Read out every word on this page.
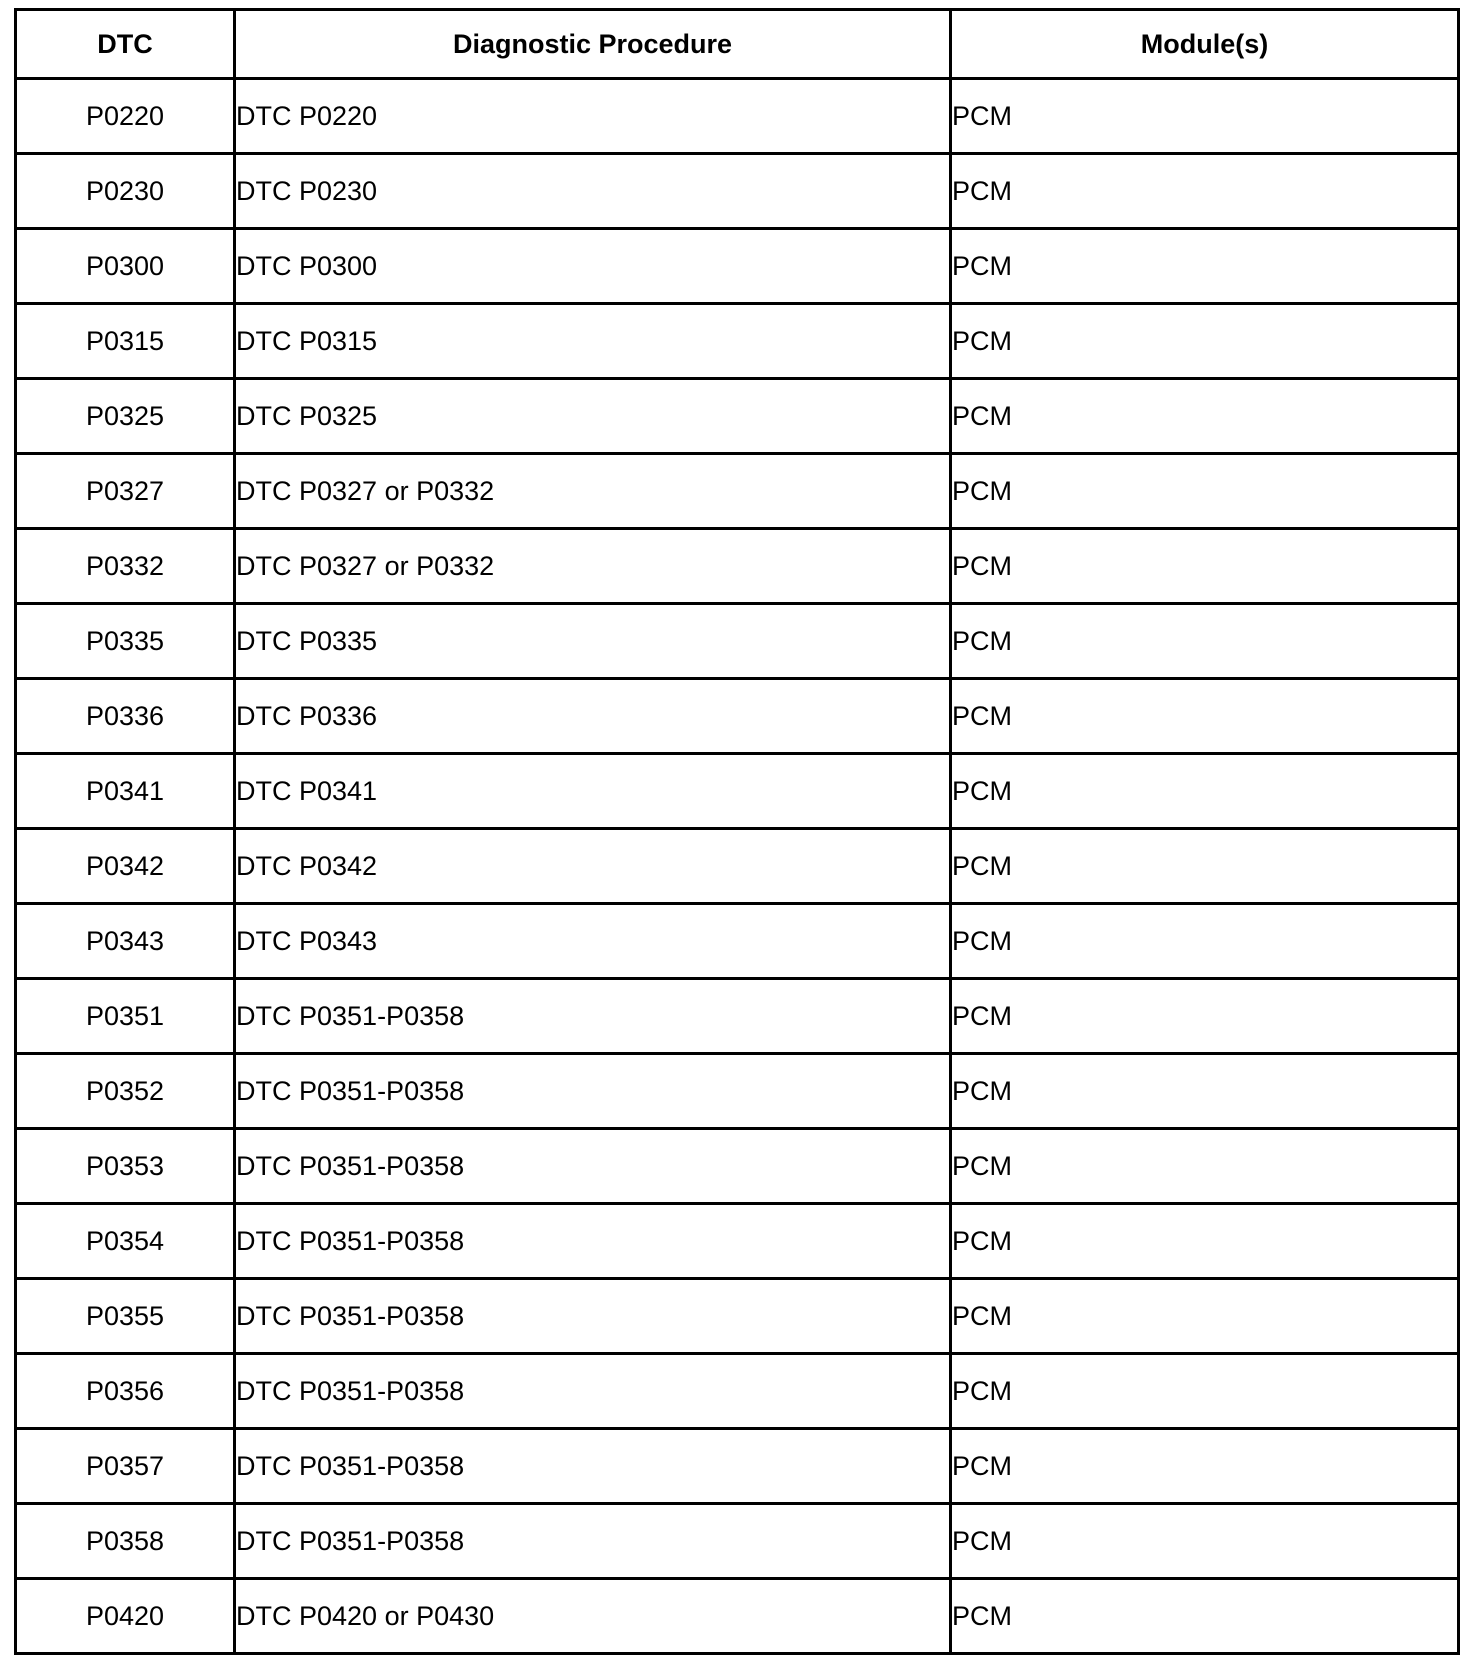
DTC	Diagnostic Procedure	Module(s)
P0220	DTC P0220	PCM
P0230	DTC P0230	PCM
P0300	DTC P0300	PCM
P0315	DTC P0315	PCM
P0325	DTC P0325	PCM
P0327	DTC P0327 or P0332	PCM
P0332	DTC P0327 or P0332	PCM
P0335	DTC P0335	PCM
P0336	DTC P0336	PCM
P0341	DTC P0341	PCM
P0342	DTC P0342	PCM
P0343	DTC P0343	PCM
P0351	DTC P0351-P0358	PCM
P0352	DTC P0351-P0358	PCM
P0353	DTC P0351-P0358	PCM
P0354	DTC P0351-P0358	PCM
P0355	DTC P0351-P0358	PCM
P0356	DTC P0351-P0358	PCM
P0357	DTC P0351-P0358	PCM
P0358	DTC P0351-P0358	PCM
P0420	DTC P0420 or P0430	PCM
